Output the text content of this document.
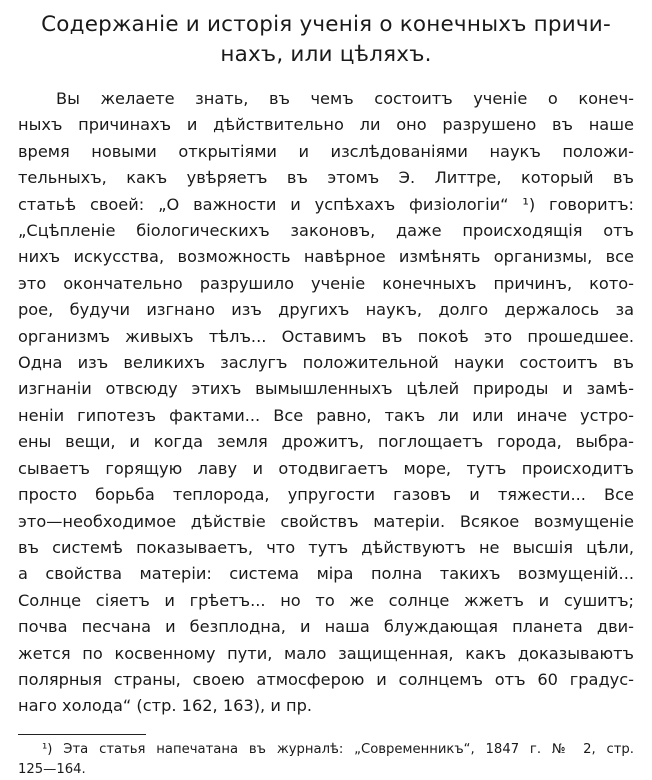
Содержаніе и исторія ученія о конечныхъ причи-
нахъ, или цѣляхъ.
Вы желаете знать, въ чемъ состоитъ ученіе о конеч-
ныхъ причинахъ и дѣйствительно ли оно разрушено въ наше
время новыми открытіями и изслѣдованіями наукъ положи-
тельныхъ, какъ увѣряетъ въ этомъ Э. Литтре, который въ
статьѣ своей: „О важности и успѣхахъ физіологіи“ ¹) говоритъ:
„Сцѣпленіе біологическихъ законовъ, даже происходящія отъ
нихъ искусства, возможность навѣрное измѣнять организмы, все
это окончательно разрушило ученіе конечныхъ причинъ, кото-
рое, будучи изгнано изъ другихъ наукъ, долго держалось за
организмъ живыхъ тѣлъ... Оставимъ въ покоѣ это прошедшее.
Одна изъ великихъ заслугъ положительной науки состоитъ въ
изгнаніи отвсюду этихъ вымышленныхъ цѣлей природы и замѣ-
неніи гипотезъ фактами... Все равно, такъ ли или иначе устро-
ены вещи, и когда земля дрожитъ, поглощаетъ города, выбра-
сываетъ горящую лаву и отодвигаетъ море, тутъ происходитъ
просто борьба теплорода, упругости газовъ и тяжести... Все
это—необходимое дѣйствіе свойствъ матеріи. Всякое возмущеніе
въ системѣ показываетъ, что тутъ дѣйствуютъ не высшія цѣли,
а свойства матеріи: система міра полна такихъ возмущеній...
Солнце сіяетъ и грѣетъ... но то же солнце жжетъ и сушитъ;
почва песчана и безплодна, и наша блуждающая планета дви-
жется по косвенному пути, мало защищенная, какъ доказываютъ
полярныя страны, своею атмосферою и солнцемъ отъ 60 градус-
наго холода“ (стр. 162, 163), и пр.
¹) Эта статья напечатана въ журналѣ: „Современникъ“, 1847 г. № 2, стр.
125—164.
